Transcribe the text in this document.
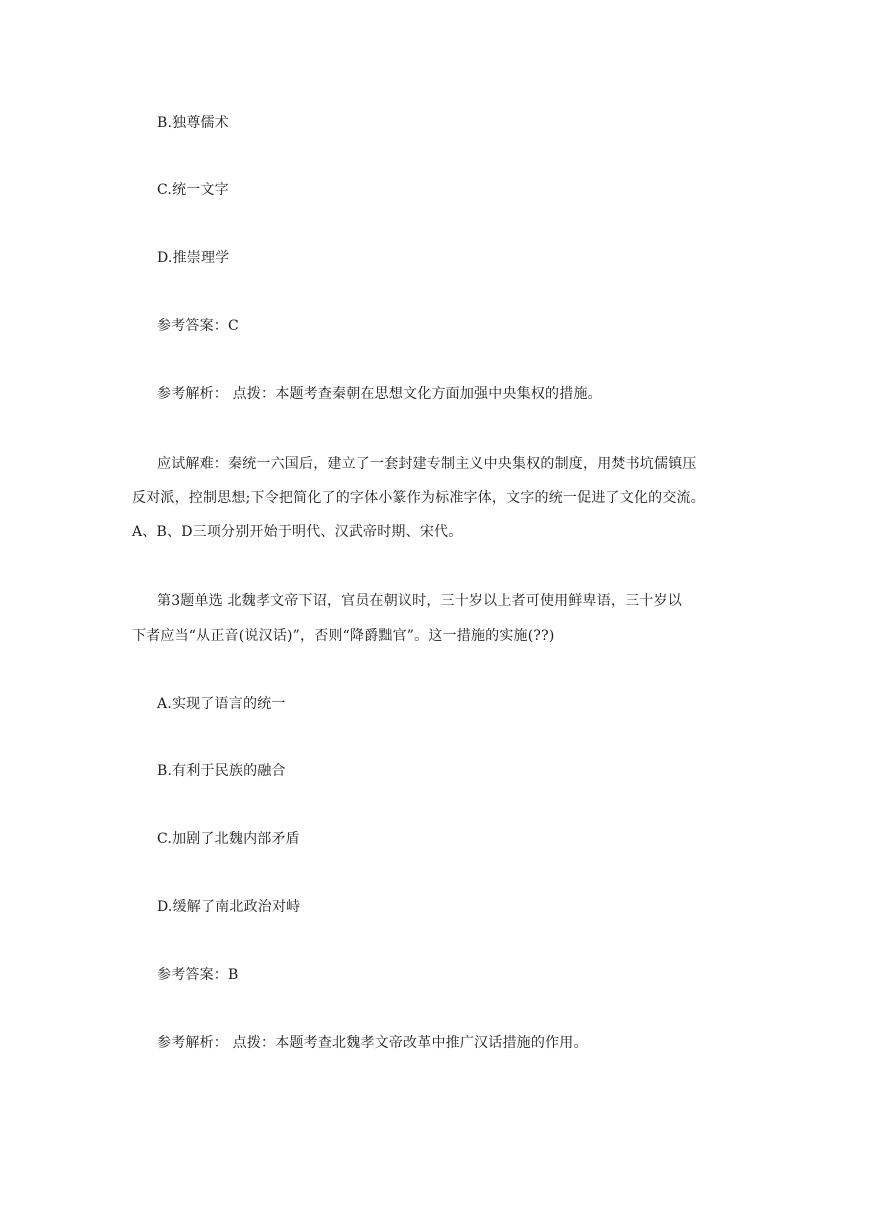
B.独尊儒术
C.统一文字
D.推崇理学
参考答案：C
参考解析： 点拨：本题考查秦朝在思想文化方面加强中央集权的措施。
应试解难：秦统一六国后，建立了一套封建专制主义中央集权的制度，用焚书坑儒镇压
反对派，控制思想;下令把简化了的字体小篆作为标准字体，文字的统一促进了文化的交流。
A、B、D三项分别开始于明代、汉武帝时期、宋代。
第3题单选 北魏孝文帝下诏，官员在朝议时，三十岁以上者可使用鲜卑语，三十岁以
下者应当“从正音(说汉话)”，否则“降爵黜官”。这一措施的实施(??)
A.实现了语言的统一
B.有利于民族的融合
C.加剧了北魏内部矛盾
D.缓解了南北政治对峙
参考答案：B
参考解析： 点拨：本题考查北魏孝文帝改革中推广汉话措施的作用。
